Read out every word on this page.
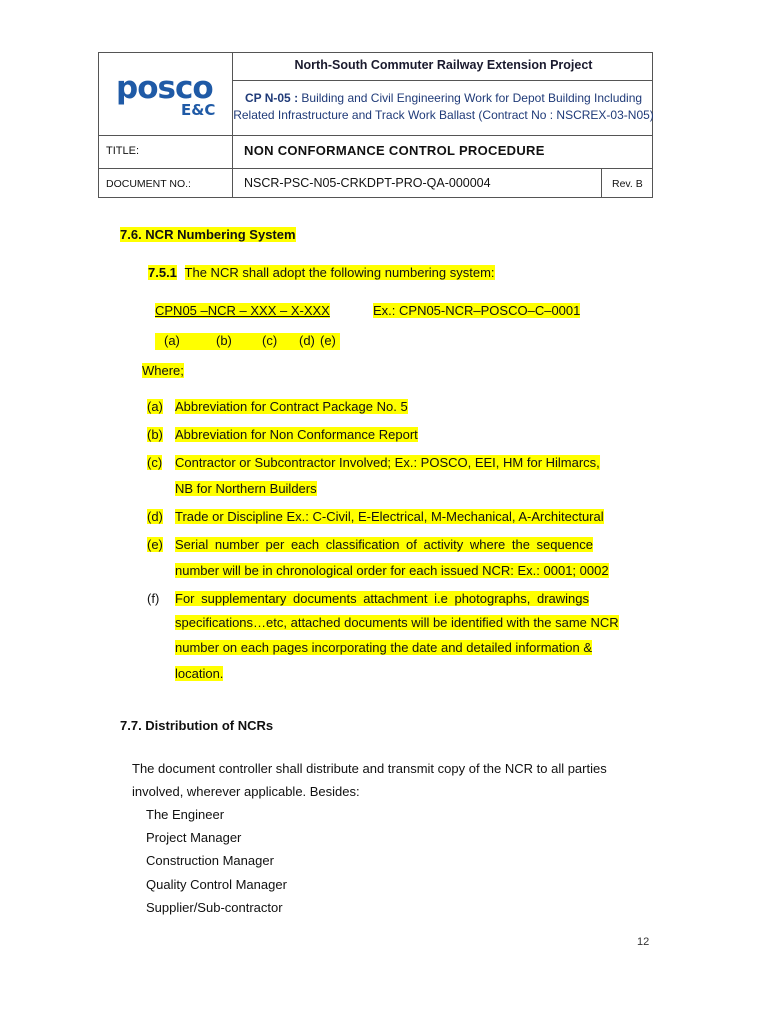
posco
E&C
North-South Commuter Railway Extension Project
CP N-05 : Building and Civil Engineering Work for Depot Building Including
Related Infrastructure and Track Work Ballast (Contract No : NSCREX-03-N05)
TITLE:	NON CONFORMANCE CONTROL PROCEDURE
DOCUMENT NO.:	NSCR-PSC-N05-CRKDPT-PRO-QA-000004	Rev. B
7.6. NCR Numbering System
7.5.1 The NCR shall adopt the following numbering system:
CPN05 –NCR – XXX – X-XXX	Ex.: CPN05-NCR–POSCO–C–0001
(a)	(b) (c) (d) (e)
Where;
(a) Abbreviation for Contract Package No. 5
(b) Abbreviation for Non Conformance Report
(c) Contractor or Subcontractor Involved; Ex.: POSCO, EEI, HM for Hilmarcs,
NB for Northern Builders
(d) Trade or Discipline Ex.: C-Civil, E-Electrical, M-Mechanical, A-Architectural
(e) Serial number per each classification of activity where the sequence
number will be in chronological order for each issued NCR: Ex.: 0001; 0002
(f) For supplementary documents attachment i.e photographs, drawings
specifications…etc, attached documents will be identified with the same NCR
number on each pages incorporating the date and detailed information &
location.
7.7. Distribution of NCRs
The document controller shall distribute and transmit copy of the NCR to all parties
involved, wherever applicable. Besides:
The Engineer
Project Manager
Construction Manager
Quality Control Manager
Supplier/Sub-contractor
12
